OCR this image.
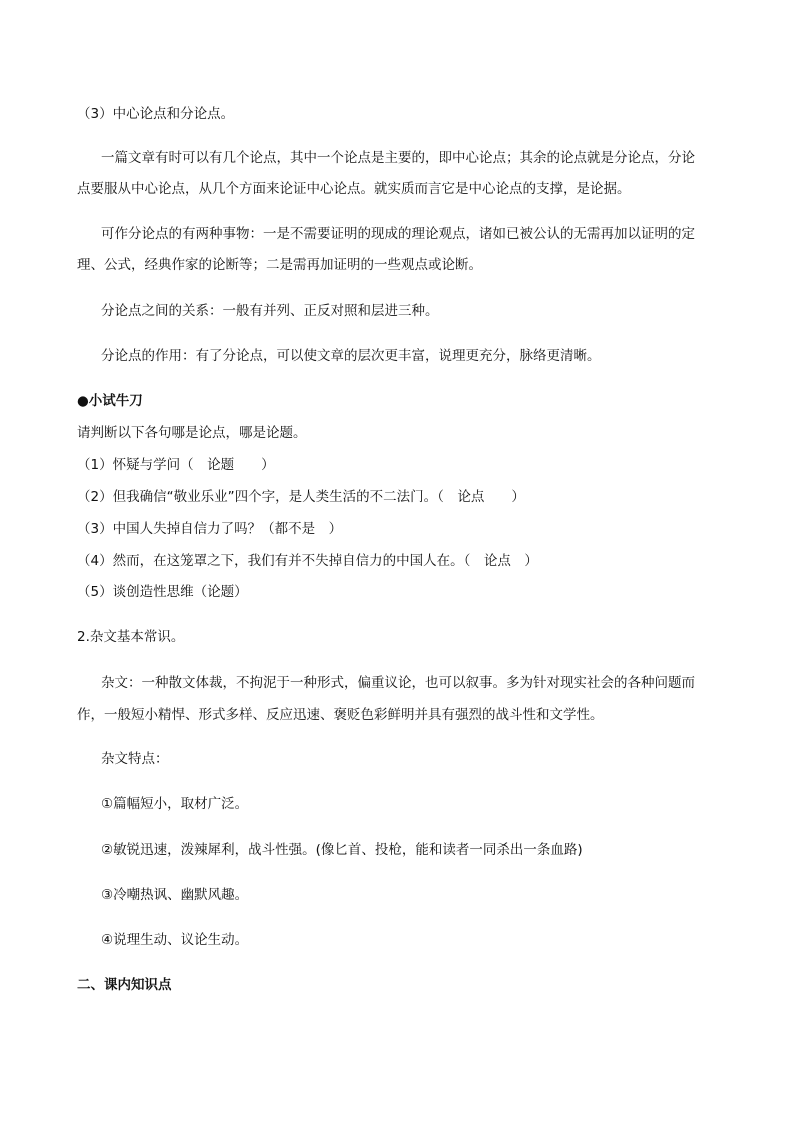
（3）中心论点和分论点。
一篇文章有时可以有几个论点，其中一个论点是主要的，即中心论点；其余的论点就是分论点，分论
点要服从中心论点，从几个方面来论证中心论点。就实质而言它是中心论点的支撑，是论据。
可作分论点的有两种事物：一是不需要证明的现成的理论观点，诸如已被公认的无需再加以证明的定
理、公式，经典作家的论断等；二是需再加证明的一些观点或论断。
分论点之间的关系：一般有并列、正反对照和层进三种。
分论点的作用：有了分论点，可以使文章的层次更丰富，说理更充分，脉络更清晰。
●小试牛刀
请判断以下各句哪是论点，哪是论题。
（1）怀疑与学问（　论题　　）
（2）但我确信“敬业乐业”四个字，是人类生活的不二法门。（　论点　　）
（3）中国人失掉自信力了吗？（都不是　）
（4）然而，在这笼罩之下，我们有并不失掉自信力的中国人在。（　论点　）
（5）谈创造性思维（论题）
2.杂文基本常识。
杂文：一种散文体裁，不拘泥于一种形式，偏重议论，也可以叙事。多为针对现实社会的各种问题而
作，一般短小精悍、形式多样、反应迅速、褒贬色彩鲜明并具有强烈的战斗性和文学性。
杂文特点：
①篇幅短小，取材广泛。
②敏锐迅速，泼辣犀利，战斗性强。(像匕首、投枪，能和读者一同杀出一条血路)
③冷嘲热讽、幽默风趣。
④说理生动、议论生动。
二、课内知识点
